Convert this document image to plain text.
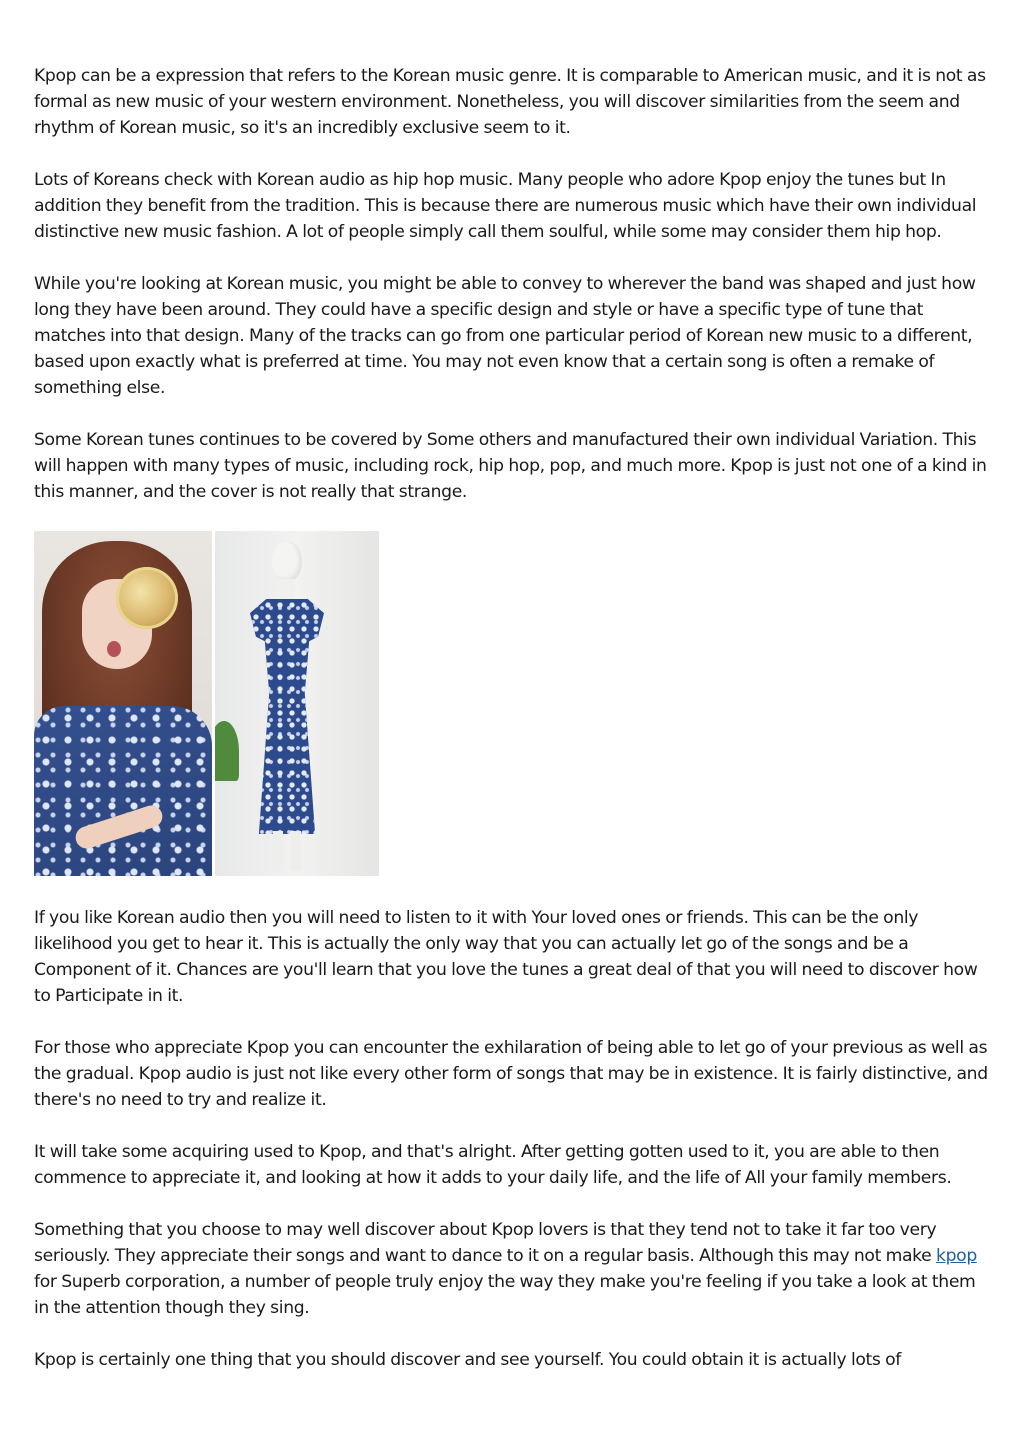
Kpop can be a expression that refers to the Korean music genre. It is comparable to American music, and it is not as formal as new music of your western environment. Nonetheless, you will discover similarities from the seem and rhythm of Korean music, so it's an incredibly exclusive seem to it.

Lots of Koreans check with Korean audio as hip hop music. Many people who adore Kpop enjoy the tunes but In addition they benefit from the tradition. This is because there are numerous music which have their own individual distinctive new music fashion. A lot of people simply call them soulful, while some may consider them hip hop.

While you're looking at Korean music, you might be able to convey to wherever the band was shaped and just how long they have been around. They could have a specific design and style or have a specific type of tune that matches into that design. Many of the tracks can go from one particular period of Korean new music to a different, based upon exactly what is preferred at time. You may not even know that a certain song is often a remake of something else.

Some Korean tunes continues to be covered by Some others and manufactured their own individual Variation. This will happen with many types of music, including rock, hip hop, pop, and much more. Kpop is just not one of a kind in this manner, and the cover is not really that strange.

If you like Korean audio then you will need to listen to it with Your loved ones or friends. This can be the only likelihood you get to hear it. This is actually the only way that you can actually let go of the songs and be a Component of it. Chances are you'll learn that you love the tunes a great deal of that you will need to discover how to Participate in it.

For those who appreciate Kpop you can encounter the exhilaration of being able to let go of your previous as well as the gradual. Kpop audio is just not like every other form of songs that may be in existence. It is fairly distinctive, and there's no need to try and realize it.

It will take some acquiring used to Kpop, and that's alright. After getting gotten used to it, you are able to then commence to appreciate it, and looking at how it adds to your daily life, and the life of All your family members.

Something that you choose to may well discover about Kpop lovers is that they tend not to take it far too very seriously. They appreciate their songs and want to dance to it on a regular basis. Although this may not make kpop for Superb corporation, a number of people truly enjoy the way they make you're feeling if you take a look at them in the attention though they sing.

Kpop is certainly one thing that you should discover and see yourself. You could obtain it is actually lots of
